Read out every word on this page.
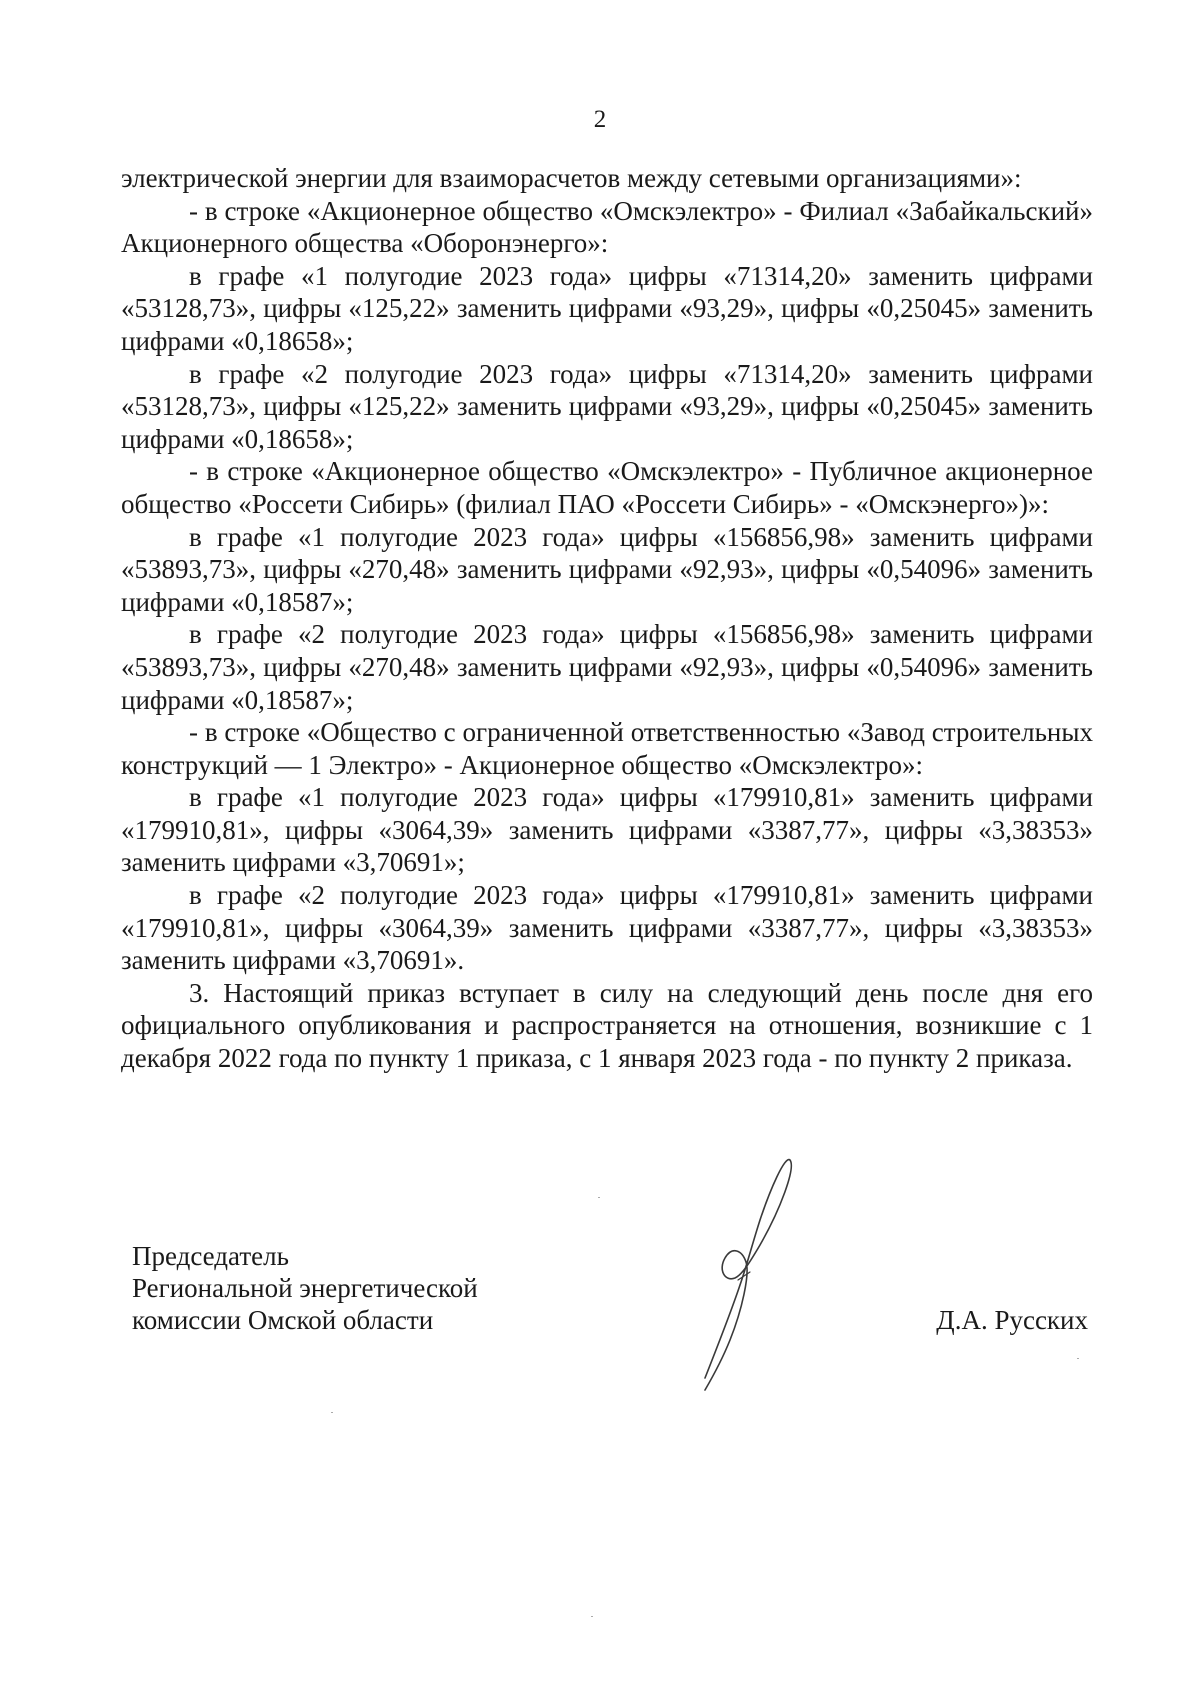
2

электрической энергии для взаиморасчетов между сетевыми организациями»:

- в строке «Акционерное общество «Омскэлектро» - Филиал «Забайкальский» Акционерного общества «Оборонэнерго»:

в графе «1 полугодие 2023 года» цифры «71314,20» заменить цифрами «53128,73», цифры «125,22» заменить цифрами «93,29», цифры «0,25045» заменить цифрами «0,18658»;

в графе «2 полугодие 2023 года» цифры «71314,20» заменить цифрами «53128,73», цифры «125,22» заменить цифрами «93,29», цифры «0,25045» заменить цифрами «0,18658»;

- в строке «Акционерное общество «Омскэлектро» - Публичное акционерное общество «Россети Сибирь» (филиал ПАО «Россети Сибирь» - «Омскэнерго»)»:

в графе «1 полугодие 2023 года» цифры «156856,98» заменить цифрами «53893,73», цифры «270,48» заменить цифрами «92,93», цифры «0,54096» заменить цифрами «0,18587»;

в графе «2 полугодие 2023 года» цифры «156856,98» заменить цифрами «53893,73», цифры «270,48» заменить цифрами «92,93», цифры «0,54096» заменить цифрами «0,18587»;

- в строке «Общество с ограниченной ответственностью «Завод строительных конструкций — 1 Электро» - Акционерное общество «Омскэлектро»:

в графе «1 полугодие 2023 года» цифры «179910,81» заменить цифрами «179910,81», цифры «3064,39» заменить цифрами «3387,77», цифры «3,38353» заменить цифрами «3,70691»;

в графе «2 полугодие 2023 года» цифры «179910,81» заменить цифрами «179910,81», цифры «3064,39» заменить цифрами «3387,77», цифры «3,38353» заменить цифрами «3,70691».

3. Настоящий приказ вступает в силу на следующий день после дня его официального опубликования и распространяется на отношения, возникшие с 1 декабря 2022 года по пункту 1 приказа, с 1 января 2023 года - по пункту 2 приказа.

Председатель
Региональной энергетической
комиссии Омской области	Д.А. Русских
